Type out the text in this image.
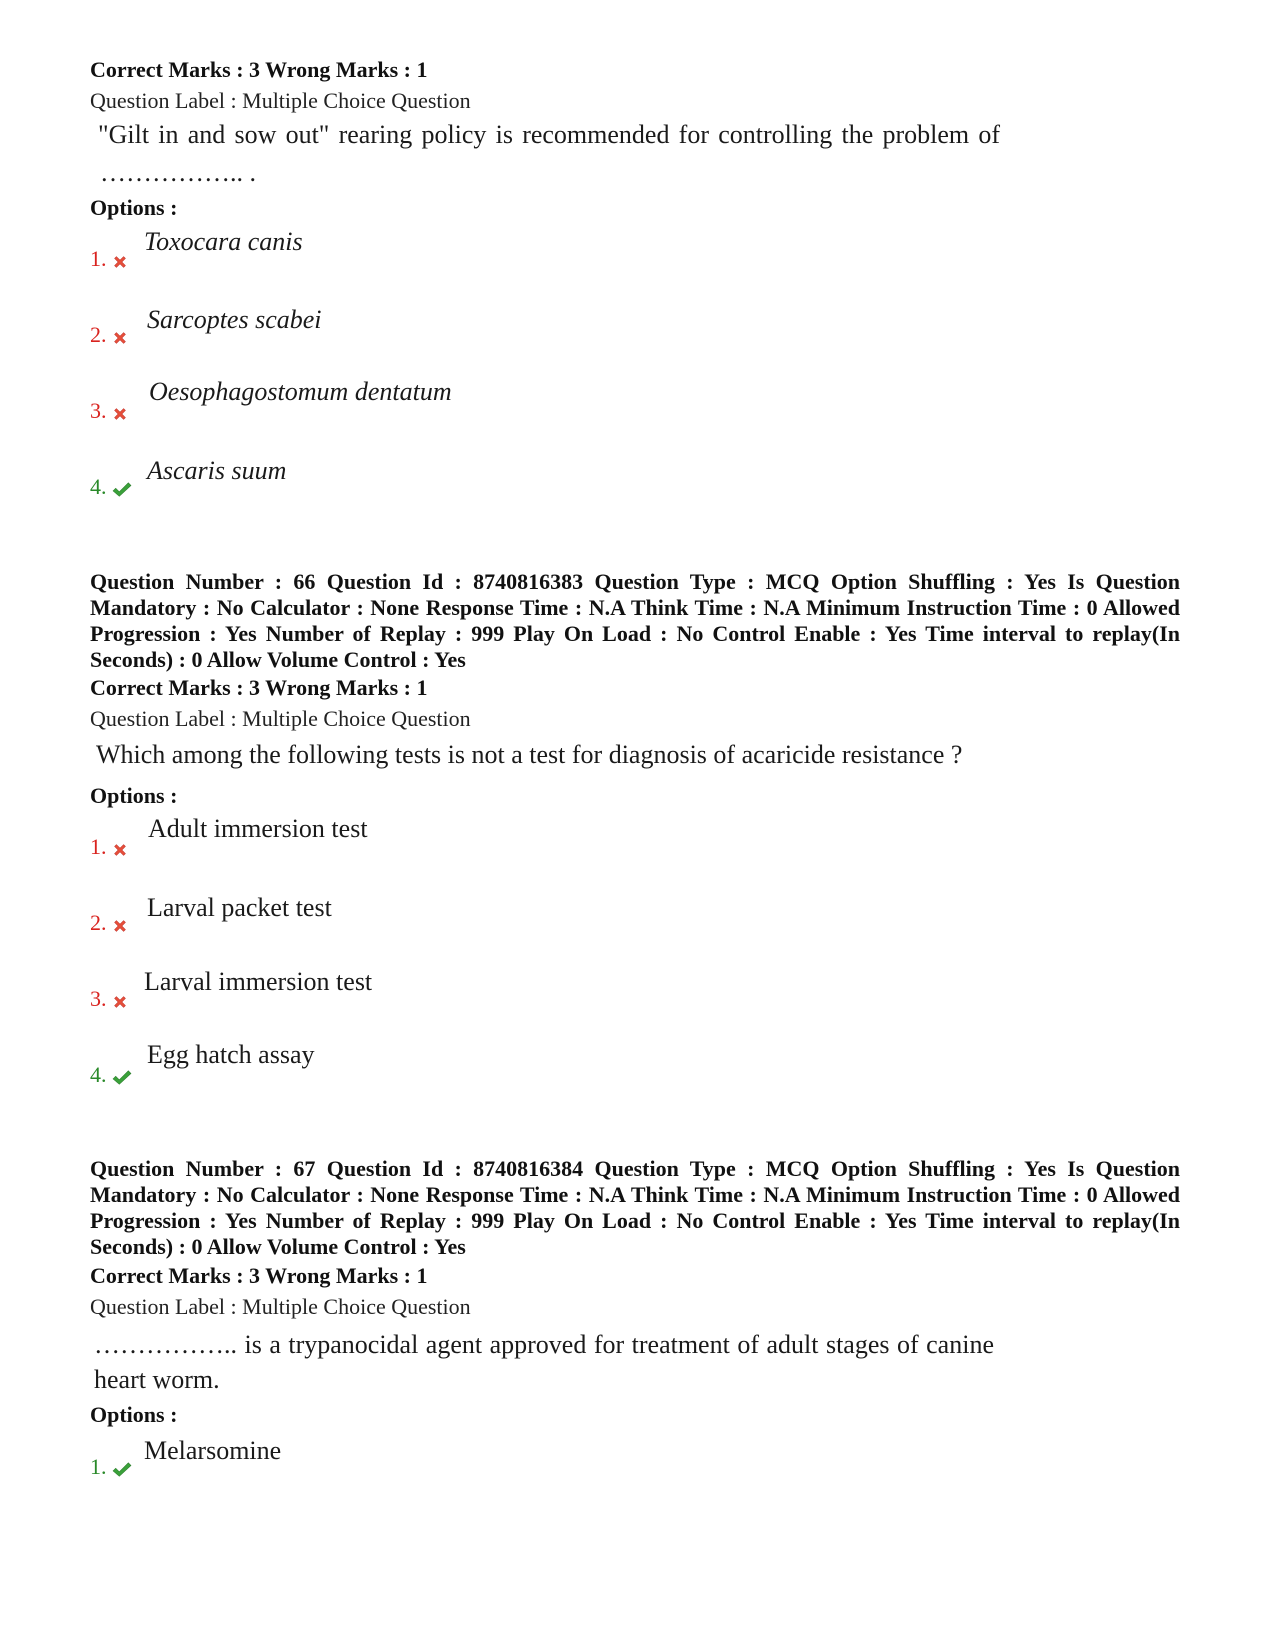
Correct Marks : 3 Wrong Marks : 1
Question Label : Multiple Choice Question
"Gilt in and sow out" rearing policy is recommended for controlling the problem of
…………….. .
Options :
1.
Toxocara canis
2.
Sarcoptes scabei
3.
Oesophagostomum dentatum
4.
Ascaris suum
Question Number : 66 Question Id : 8740816383 Question Type : MCQ Option Shuffling : Yes Is Question Mandatory : No Calculator : None Response Time : N.A Think Time : N.A Minimum Instruction Time : 0 Allowed Progression : Yes Number of Replay : 999 Play On Load : No Control Enable : Yes Time interval to replay(In Seconds) : 0 Allow Volume Control : Yes
Correct Marks : 3 Wrong Marks : 1
Question Label : Multiple Choice Question
Which among the following tests is not a test for diagnosis of acaricide resistance ?
Options :
1.
Adult immersion test
2.
Larval packet test
3.
Larval immersion test
4.
Egg hatch assay
Question Number : 67 Question Id : 8740816384 Question Type : MCQ Option Shuffling : Yes Is Question Mandatory : No Calculator : None Response Time : N.A Think Time : N.A Minimum Instruction Time : 0 Allowed Progression : Yes Number of Replay : 999 Play On Load : No Control Enable : Yes Time interval to replay(In Seconds) : 0 Allow Volume Control : Yes
Correct Marks : 3 Wrong Marks : 1
Question Label : Multiple Choice Question
…………….. is a trypanocidal agent approved for treatment of adult stages of canine
heart worm.
Options :
1.
Melarsomine
